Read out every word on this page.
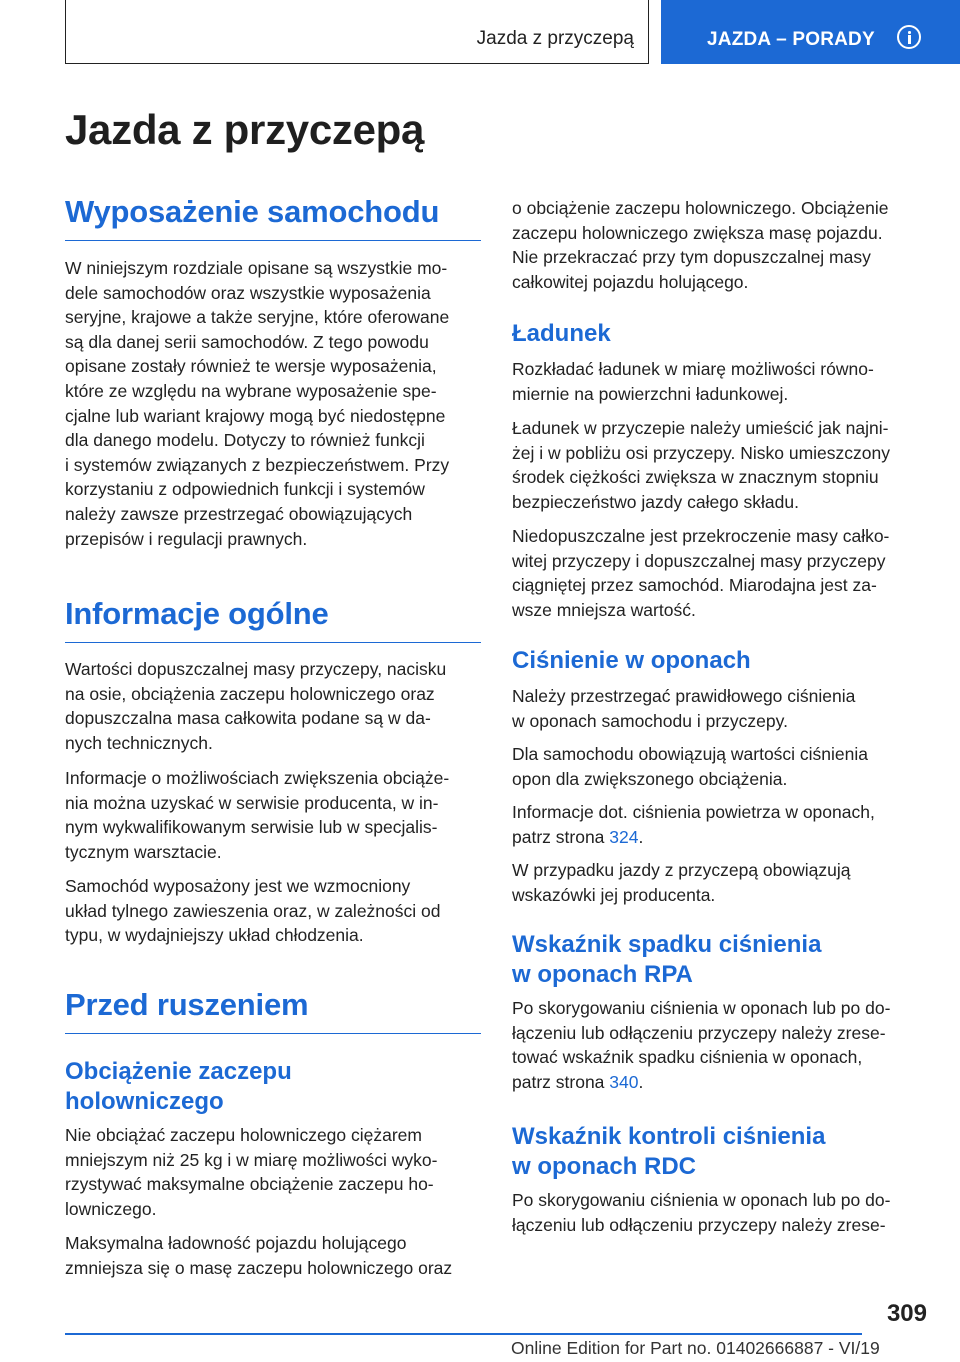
Jazda z przyczepą	JAZDA – PORADY
Jazda z przyczepą
Wyposażenie samochodu

W niniejszym rozdziale opisane są wszystkie mo-
dele samochodów oraz wszystkie wyposażenia
seryjne, krajowe a także seryjne, które oferowane
są dla danej serii samochodów. Z tego powodu
opisane zostały również te wersje wyposażenia,
które ze względu na wybrane wyposażenie spe-
cjalne lub wariant krajowy mogą być niedostępne
dla danego modelu. Dotyczy to również funkcji
i systemów związanych z bezpieczeństwem. Przy
korzystaniu z odpowiednich funkcji i systemów
należy zawsze przestrzegać obowiązujących
przepisów i regulacji prawnych.

Informacje ogólne

Wartości dopuszczalnej masy przyczepy, nacisku
na osie, obciążenia zaczepu holowniczego oraz
dopuszczalna masa całkowita podane są w da-
nych technicznych.

Informacje o możliwościach zwiększenia obciąże-
nia można uzyskać w serwisie producenta, w in-
nym wykwalifikowanym serwisie lub w specjalis-
tycznym warsztacie.

Samochód wyposażony jest we wzmocniony
układ tylnego zawieszenia oraz, w zależności od
typu, w wydajniejszy układ chłodzenia.

Przed ruszeniem
Obciążenie zaczepu
holowniczego

Nie obciążać zaczepu holowniczego ciężarem
mniejszym niż 25 kg i w miarę możliwości wyko-
rzystywać maksymalne obciążenie zaczepu ho-
lowniczego.

Maksymalna ładowność pojazdu holującego
zmniejsza się o masę zaczepu holowniczego oraz

o obciążenie zaczepu holowniczego. Obciążenie
zaczepu holowniczego zwiększa masę pojazdu.
Nie przekraczać przy tym dopuszczalnej masy
całkowitej pojazdu holującego.

Ładunek

Rozkładać ładunek w miarę możliwości równo-
miernie na powierzchni ładunkowej.

Ładunek w przyczepie należy umieścić jak najni-
żej i w pobliżu osi przyczepy. Nisko umieszczony
środek ciężkości zwiększa w znacznym stopniu
bezpieczeństwo jazdy całego składu.

Niedopuszczalne jest przekroczenie masy całko-
witej przyczepy i dopuszczalnej masy przyczepy
ciągniętej przez samochód. Miarodajna jest za-
wsze mniejsza wartość.

Ciśnienie w oponach

Należy przestrzegać prawidłowego ciśnienia
w oponach samochodu i przyczepy.

Dla samochodu obowiązują wartości ciśnienia
opon dla zwiększonego obciążenia.

Informacje dot. ciśnienia powietrza w oponach,
patrz strona 324.

W przypadku jazdy z przyczepą obowiązują
wskazówki jej producenta.

Wskaźnik spadku ciśnienia
w oponach RPA

Po skorygowaniu ciśnienia w oponach lub po do-
łączeniu lub odłączeniu przyczepy należy zrese-
tować wskaźnik spadku ciśnienia w oponach,
patrz strona 340.

Wskaźnik kontroli ciśnienia
w oponach RDC

Po skorygowaniu ciśnienia w oponach lub po do-
łączeniu lub odłączeniu przyczepy należy zrese-

309
Online Edition for Part no. 01402666887 - VI/19
